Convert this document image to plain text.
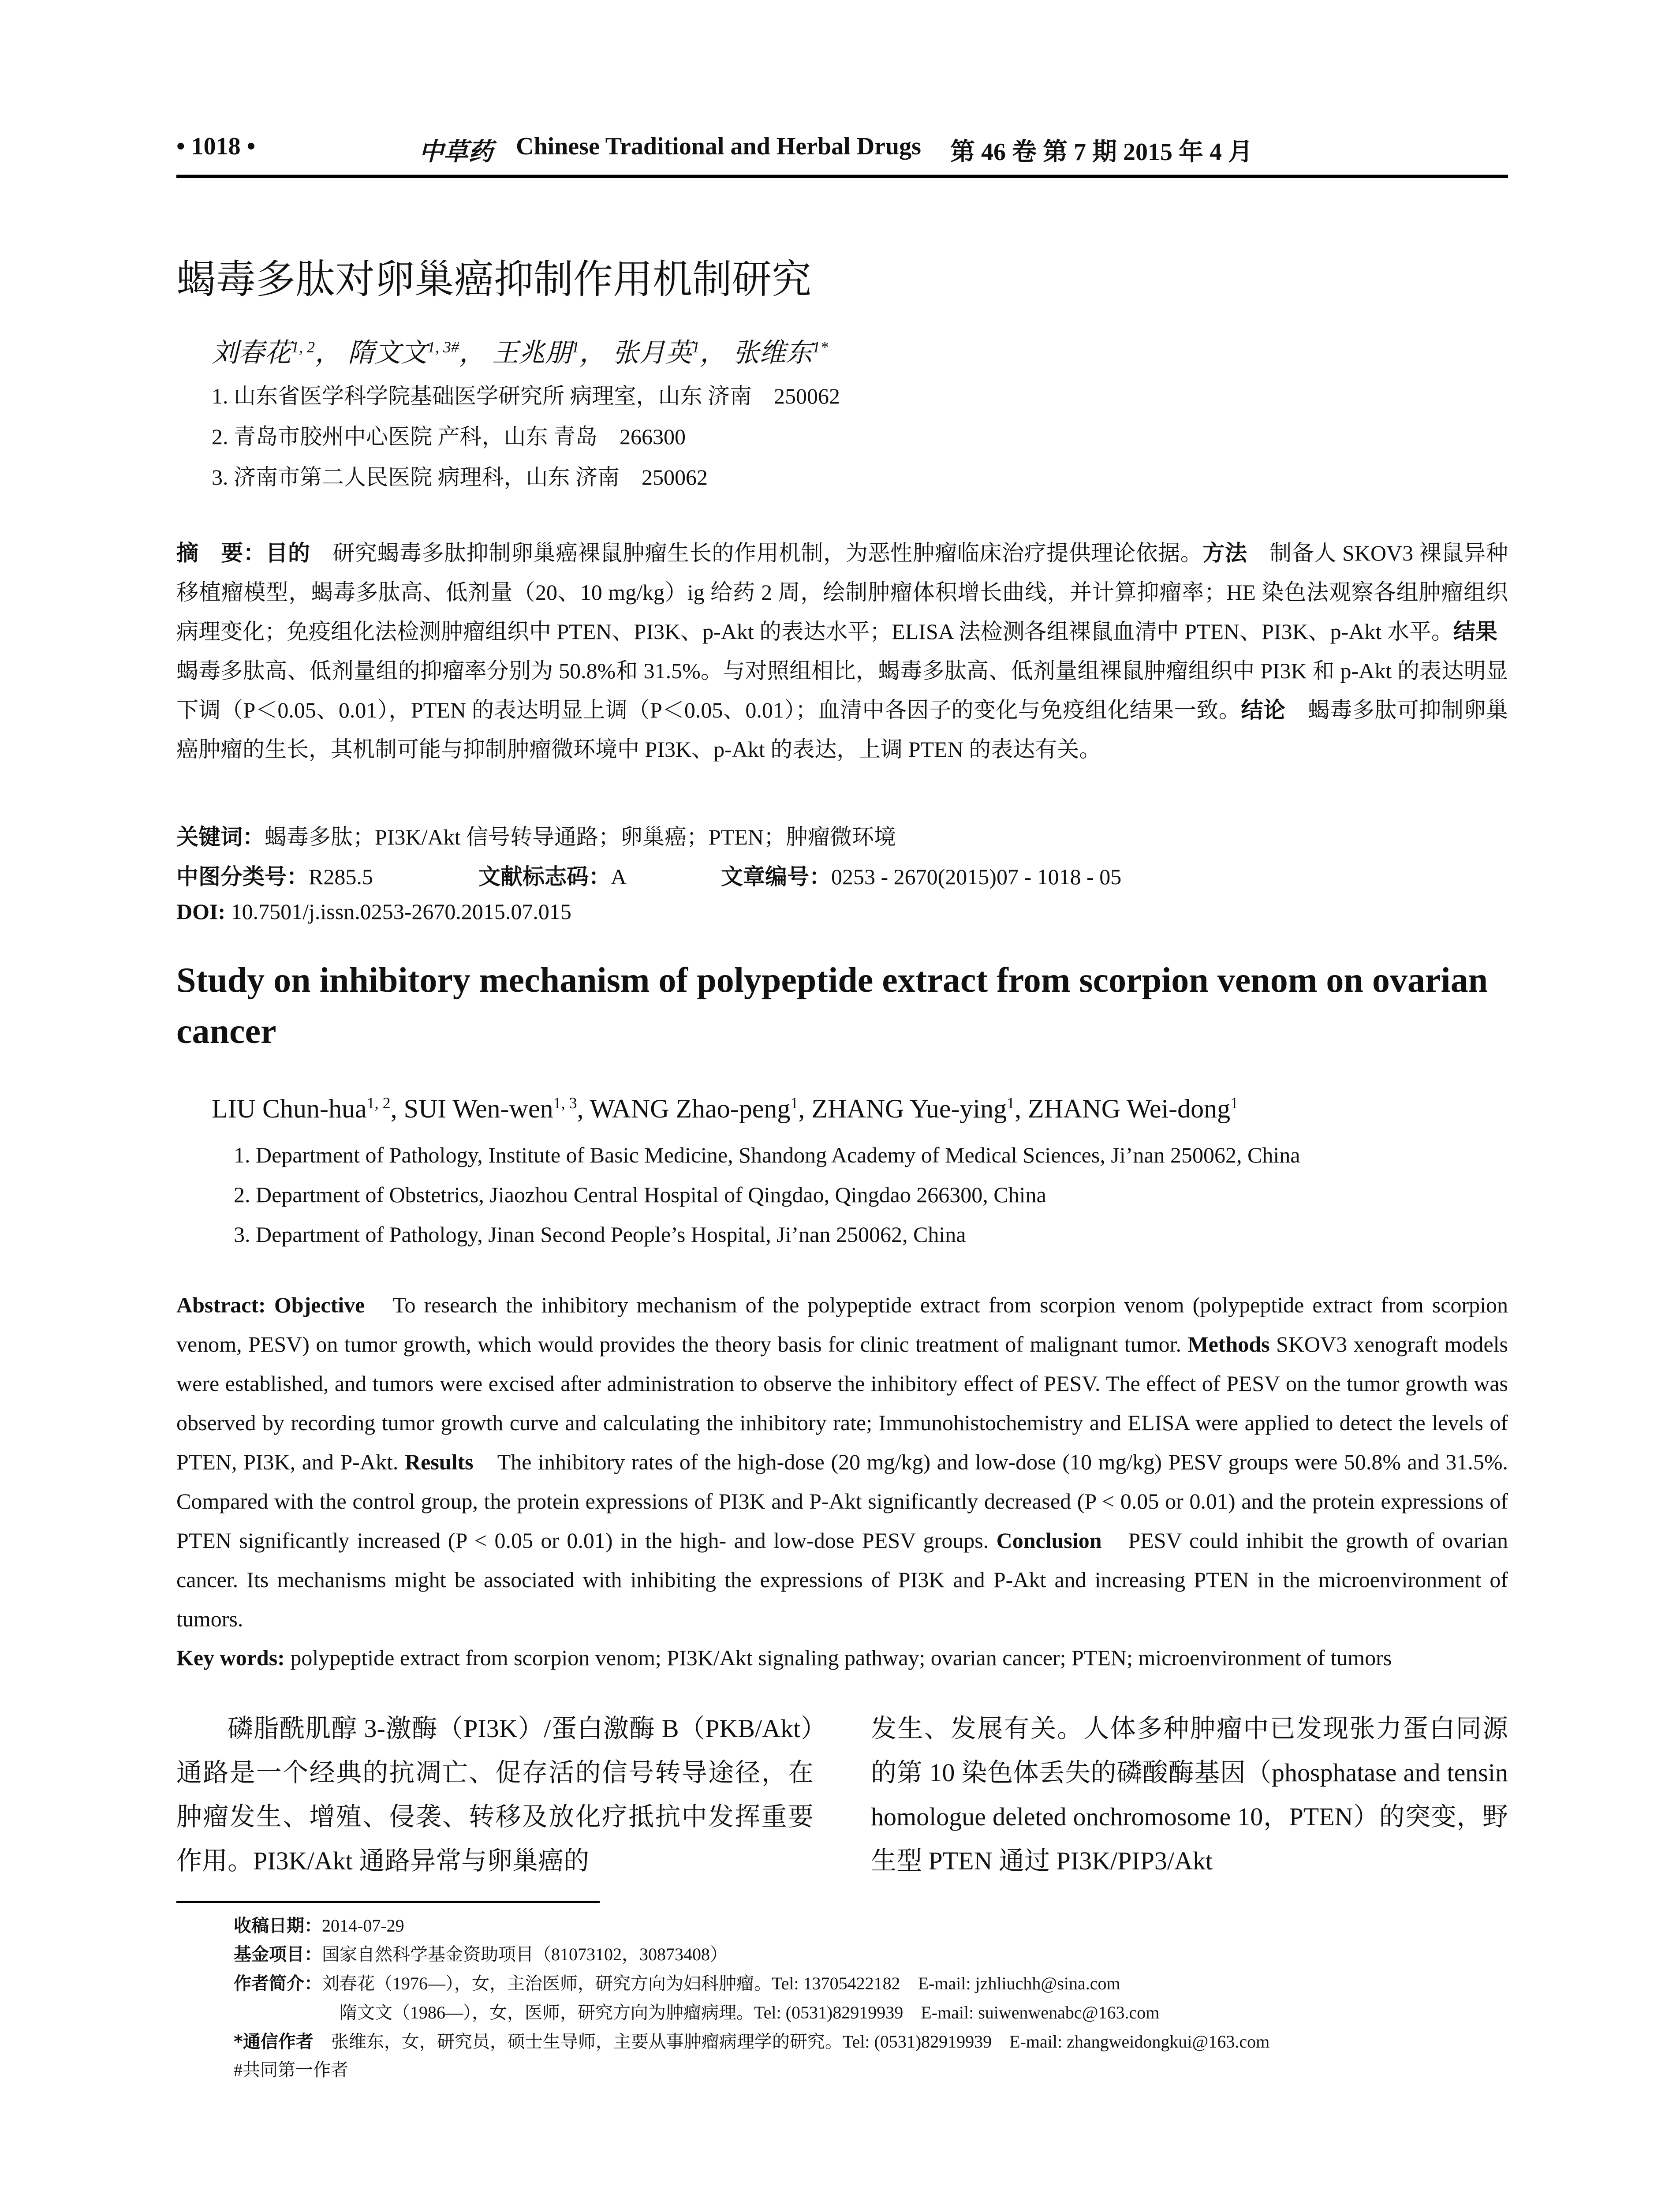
• 1018 •	中草药 Chinese Traditional and Herbal Drugs 第 46 卷 第 7 期 2015 年 4 月
蝎毒多肽对卵巢癌抑制作用机制研究
刘春花$^{1, 2}$， 隋文文$^{1, 3\#}$， 王兆朋$^1$， 张月英$^1$， 张维东$^{1*}$
1. 山东省医学科学院基础医学研究所 病理室，山东 济南　250062
2. 青岛市胶州中心医院 产科，山东 青岛　266300
3. 济南市第二人民医院 病理科，山东 济南　250062
摘　要：目的　研究蝎毒多肽抑制卵巢癌裸鼠肿瘤生长的作用机制，为恶性肿瘤临床治疗提供理论依据。方法　制备人 SKOV3 裸鼠异种移植瘤模型，蝎毒多肽高、低剂量（20、10 mg/kg）ig 给药 2 周，绘制肿瘤体积增长曲线，并计算抑瘤率；HE 染色法观察各组肿瘤组织病理变化；免疫组化法检测肿瘤组织中 PTEN、PI3K、p-Akt 的表达水平；ELISA 法检测各组裸鼠血清中 PTEN、PI3K、p-Akt 水平。结果　蝎毒多肽高、低剂量组的抑瘤率分别为 50.8%和 31.5%。与对照组相比，蝎毒多肽高、低剂量组裸鼠肿瘤组织中 PI3K 和 p-Akt 的表达明显下调（P＜0.05、0.01），PTEN 的表达明显上调（P＜0.05、0.01）；血清中各因子的变化与免疫组化结果一致。结论　蝎毒多肽可抑制卵巢癌肿瘤的生长，其机制可能与抑制肿瘤微环境中 PI3K、p-Akt 的表达，上调 PTEN 的表达有关。
关键词：蝎毒多肽；PI3K/Akt 信号转导通路；卵巢癌；PTEN；肿瘤微环境
中图分类号：R285.5	文献标志码：A	文章编号：0253 - 2670(2015)07 - 1018 - 05
DOI: 10.7501/j.issn.0253-2670.2015.07.015
Study on inhibitory mechanism of polypeptide extract from scorpion venom on ovarian cancer
LIU Chun-hua$^{1, 2}$, SUI Wen-wen$^{1, 3}$, WANG Zhao-peng$^1$, ZHANG Yue-ying$^1$, ZHANG Wei-dong$^1$
1. Department of Pathology, Institute of Basic Medicine, Shandong Academy of Medical Sciences, Ji’nan 250062, China
2. Department of Obstetrics, Jiaozhou Central Hospital of Qingdao, Qingdao 266300, China
3. Department of Pathology, Jinan Second People’s Hospital, Ji’nan 250062, China
Abstract: Objective　To research the inhibitory mechanism of the polypeptide extract from scorpion venom (polypeptide extract from scorpion venom, PESV) on tumor growth, which would provides the theory basis for clinic treatment of malignant tumor. Methods SKOV3 xenograft models were established, and tumors were excised after administration to observe the inhibitory effect of PESV. The effect of PESV on the tumor growth was observed by recording tumor growth curve and calculating the inhibitory rate; Immunohistochemistry and ELISA were applied to detect the levels of PTEN, PI3K, and P-Akt. Results　The inhibitory rates of the high-dose (20 mg/kg) and low-dose (10 mg/kg) PESV groups were 50.8% and 31.5%. Compared with the control group, the protein expressions of PI3K and P-Akt significantly decreased (P < 0.05 or 0.01) and the protein expressions of PTEN significantly increased (P < 0.05 or 0.01) in the high- and low-dose PESV groups. Conclusion　PESV could inhibit the growth of ovarian cancer. Its mechanisms might be associated with inhibiting the expressions of PI3K and P-Akt and increasing PTEN in the microenvironment of tumors.
Key words: polypeptide extract from scorpion venom; PI3K/Akt signaling pathway; ovarian cancer; PTEN; microenvironment of tumors
磷脂酰肌醇 3-激酶（PI3K）/蛋白激酶 B（PKB/Akt）通路是一个经典的抗凋亡、促存活的信号转导途径，在肿瘤发生、增殖、侵袭、转移及放化疗抵抗中发挥重要作用。PI3K/Akt 通路异常与卵巢癌的
发生、发展有关。人体多种肿瘤中已发现张力蛋白同源的第 10 染色体丢失的磷酸酶基因（phosphatase and tensin homologue deleted onchromosome 10，PTEN）的突变，野生型 PTEN 通过 PI3K/PIP3/Akt
收稿日期：2014-07-29
基金项目：国家自然科学基金资助项目（81073102，30873408）
作者简介：刘春花（1976—），女，主治医师，研究方向为妇科肿瘤。Tel: 13705422182　E-mail: jzhliuchh@sina.com
隋文文（1986—），女，医师，研究方向为肿瘤病理。Tel: (0531)82919939　E-mail: suiwenwenabc@163.com
*通信作者　张维东，女，研究员，硕士生导师，主要从事肿瘤病理学的研究。Tel: (0531)82919939　E-mail: zhangweidongkui@163.com
#共同第一作者
